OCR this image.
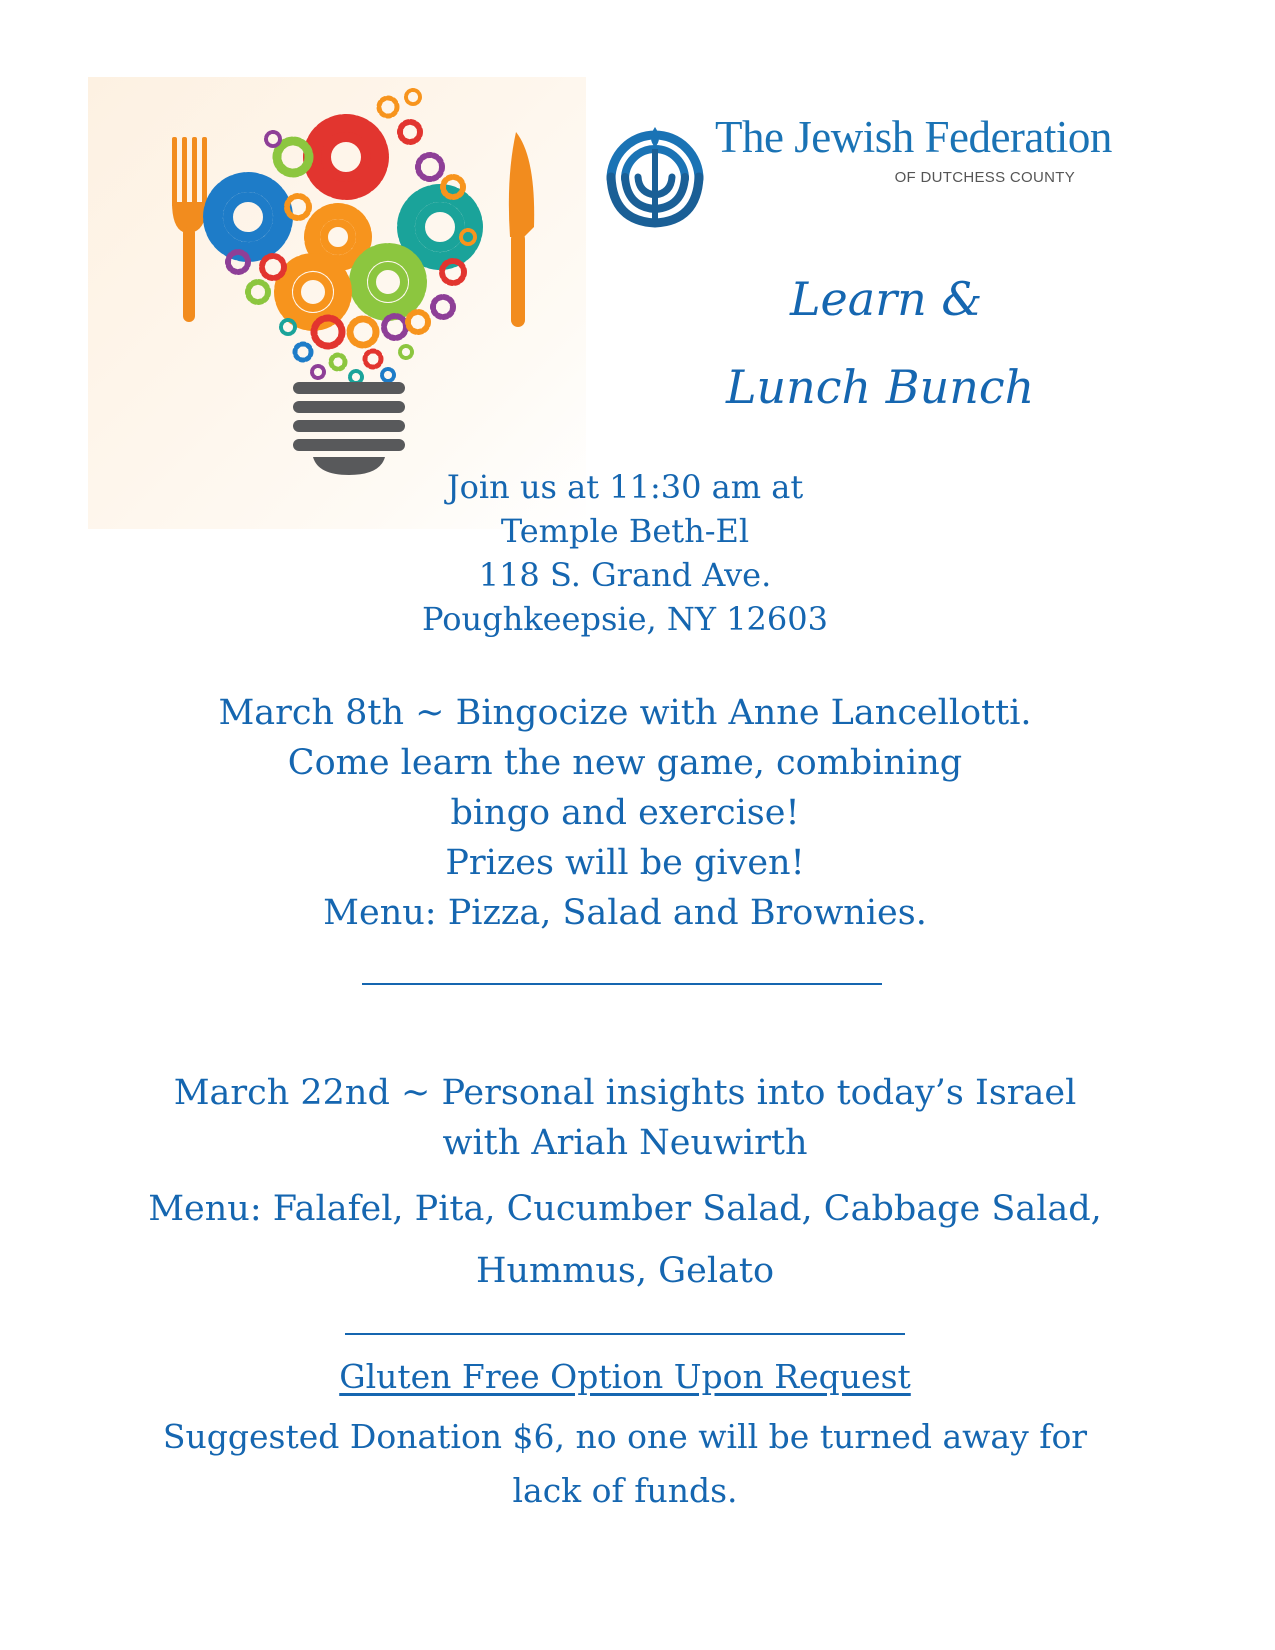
The Jewish Federation
OF DUTCHESS COUNTY
Learn &
Lunch Bunch
Join us at 11:30 am at
Temple Beth-El
118 S. Grand Ave.
Poughkeepsie, NY 12603
March 8th ~ Bingocize with Anne Lancellotti.
Come learn the new game, combining
bingo and exercise!
Prizes will be given!
Menu: Pizza, Salad and Brownies.
March 22nd ~ Personal insights into today’s Israel
with Ariah Neuwirth
Menu: Falafel, Pita, Cucumber Salad, Cabbage Salad,
Hummus, Gelato
Gluten Free Option Upon Request
Suggested Donation $6, no one will be turned away for
lack of funds.
